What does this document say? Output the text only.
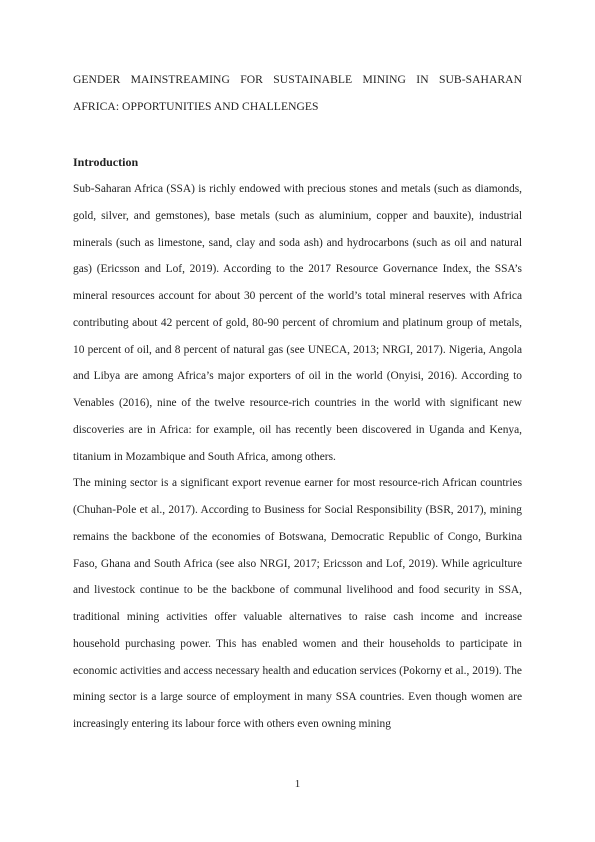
GENDER MAINSTREAMING FOR SUSTAINABLE MINING IN SUB-SAHARAN AFRICA: OPPORTUNITIES AND CHALLENGES
Introduction

Sub-Saharan Africa (SSA) is richly endowed with precious stones and metals (such as diamonds, gold, silver, and gemstones), base metals (such as aluminium, copper and bauxite), industrial minerals (such as limestone, sand, clay and soda ash) and hydrocarbons (such as oil and natural gas) (Ericsson and Lof, 2019). According to the 2017 Resource Governance Index, the SSA’s mineral resources account for about 30 percent of the world’s total mineral reserves with Africa contributing about 42 percent of gold, 80-90 percent of chromium and platinum group of metals, 10 percent of oil, and 8 percent of natural gas (see UNECA, 2013; NRGI, 2017). Nigeria, Angola and Libya are among Africa’s major exporters of oil in the world (Onyisi, 2016). According to Venables (2016), nine of the twelve resource-rich countries in the world with significant new discoveries are in Africa: for example, oil has recently been discovered in Uganda and Kenya, titanium in Mozambique and South Africa, among others.

The mining sector is a significant export revenue earner for most resource-rich African countries (Chuhan-Pole et al., 2017). According to Business for Social Responsibility (BSR, 2017), mining remains the backbone of the economies of Botswana, Democratic Republic of Congo, Burkina Faso, Ghana and South Africa (see also NRGI, 2017; Ericsson and Lof, 2019). While agriculture and livestock continue to be the backbone of communal livelihood and food security in SSA, traditional mining activities offer valuable alternatives to raise cash income and increase household purchasing power. This has enabled women and their households to participate in economic activities and access necessary health and education services (Pokorny et al., 2019). The mining sector is a large source of employment in many SSA countries. Even though women are increasingly entering its labour force with others even owning mining

1
